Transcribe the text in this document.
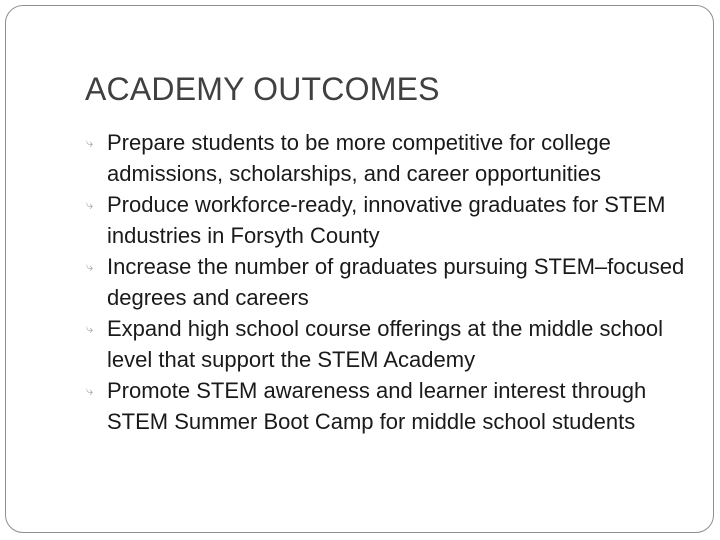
ACADEMY OUTCOMES
⤷ Prepare students to be more competitive for college admissions, scholarships, and career opportunities
⤷ Produce workforce-ready, innovative graduates for STEM industries in Forsyth County
⤷ Increase the number of graduates pursuing STEM–focused degrees and careers
⤷ Expand high school course offerings at the middle school level that support the STEM Academy
⤷ Promote STEM awareness and learner interest through STEM Summer Boot Camp for middle school students
